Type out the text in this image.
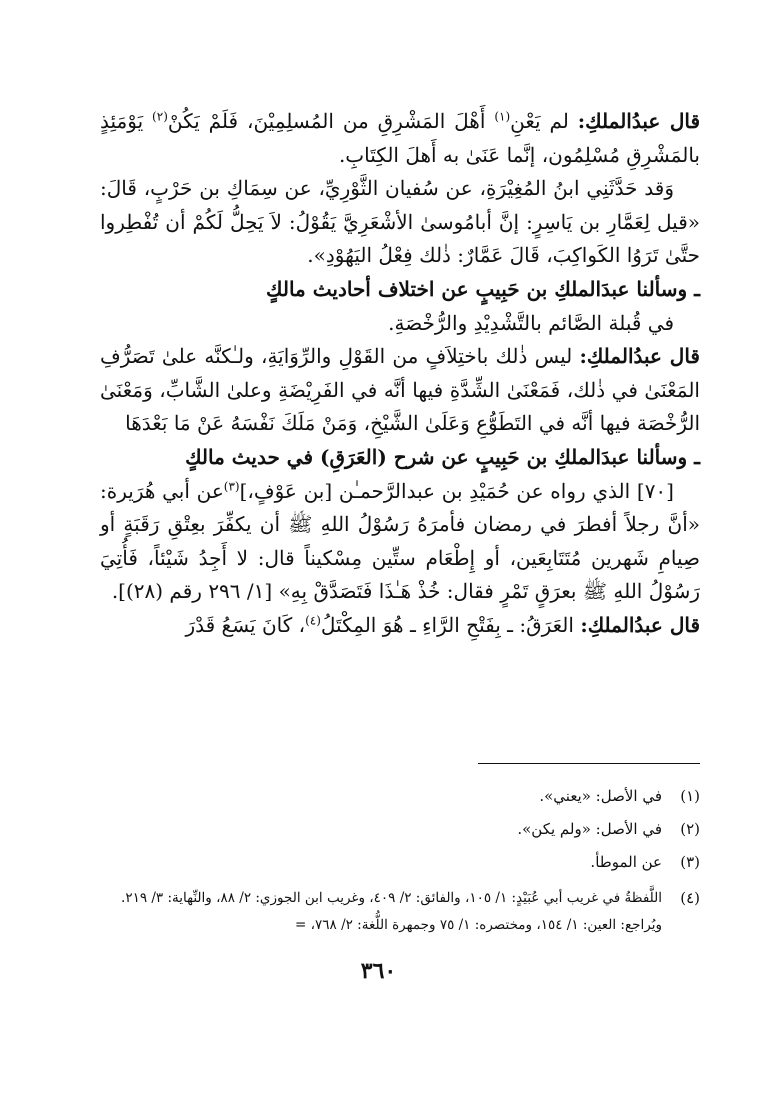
قال عبدُالملكِ: لم يَعْنِ$^{(١)}$ أَهْلَ المَشْرِقِ من المُسلِمِيْنَ، فَلَمْ يَكُنْ$^{(٢)}$ يَوْمَئِذٍ بالمَشْرِقِ مُسْلِمُون، إنَّما عَنَىٰ به أَهلَ الكِتَابِ.

وَقد حَدَّثَنِي ابنُ المُغِيْرَةِ، عن سُفيان الثَّوْرِيِّ، عن سِمَاكِ بن حَرْبٍ، قَالَ: «قيل لِعَمَّارِ بن يَاسِرٍ: إنَّ أبامُوسىٰ الأشْعَرِيَّ يَقُوْلُ: لاَ يَحِلُّ لَكُمْ أن تُفْطِروا حتَّىٰ تَرَوُا الكَواكِبَ، قَالَ عَمَّارٌ: ذٰلك فِعْلُ اليَهُوْدِ».

ـ وسألنا عبدَالملكِ بن حَبِيبٍ عن اختلاف أحاديث مالكٍ

في قُبلة الصَّائم بالتَّشْدِيْدِ والرُّخْصَةِ.

قال عبدُالملكِ: ليس ذٰلك باختِلاَفٍ من القَوْلِ والرِّوَايَةِ، ولـٰكنَّه علىٰ تَصَرُّفِ المَعْنَىٰ في ذٰلك، فَمَعْنَىٰ الشِّدَّةِ فيها أنَّه في الفَرِيْضَةِ وعلىٰ الشَّابِّ، وَمَعْنَىٰ الرُّخْصَة فيها أنَّه في التَطَوُّعِ وَعَلَىٰ الشَّيْخِ، وَمَنْ مَلَكَ نَفْسَهُ عَنْ مَا بَعْدَهَا

ـ وسألنا عبدَالملكِ بن حَبِيبٍ عن شرح (العَرَقِ) في حديث مالكٍ

[٧٠] الذي رواه عن حُمَيْدِ بن عبدالرَّحمـٰن [بن عَوْفٍ،]$^{(٣)}$عن أبي هُرَيرة: «أنَّ رجلاً أفطرَ في رمضان فأمرَهُ رَسُوْلُ اللهِ ﷺ أن يكفِّرَ بعِتْقِ رَقَبَةٍ أو صِيامِ شَهرين مُتَتَابِعَين، أو إِطْعَام ستِّين مِسْكيناً قال: لا أَجِدُ شَيْئاً، فَأُتِيَ رَسُوْلُ اللهِ ﷺ بعرَقٍ تَمْرٍ فقال: خُذْ هَـٰذَا فَتَصَدَّقْ بِهِ» [١/ ٢٩٦ رقم (٢٨)].

قال عبدُالملكِ: العَرَقُ: ـ بِفَتْحِ الرَّاءِ ـ هُوَ المِكْتَلُ$^{(٤)}$، كَانَ يَسَعُ قَدْرَ

(١)
في الأصل: «يعني».

(٢)
في الأصل: «ولم يكن».

(٣)
عن الموطأ.

(٤)
اللَّفظةُ في غريب أبي عُبَيْدٍ: ١/ ١٠٥، والفائق: ٢/ ٤٠٩، وغريب ابن الجوزي: ٢/ ٨٨، والنِّهاية: ٣/ ٢١٩. ويُراجع: العين: ١/ ١٥٤، ومختصره: ١/ ٧٥ وجمهرة اللُّغة: ٢/ ٧٦٨، =

٣٦٠
